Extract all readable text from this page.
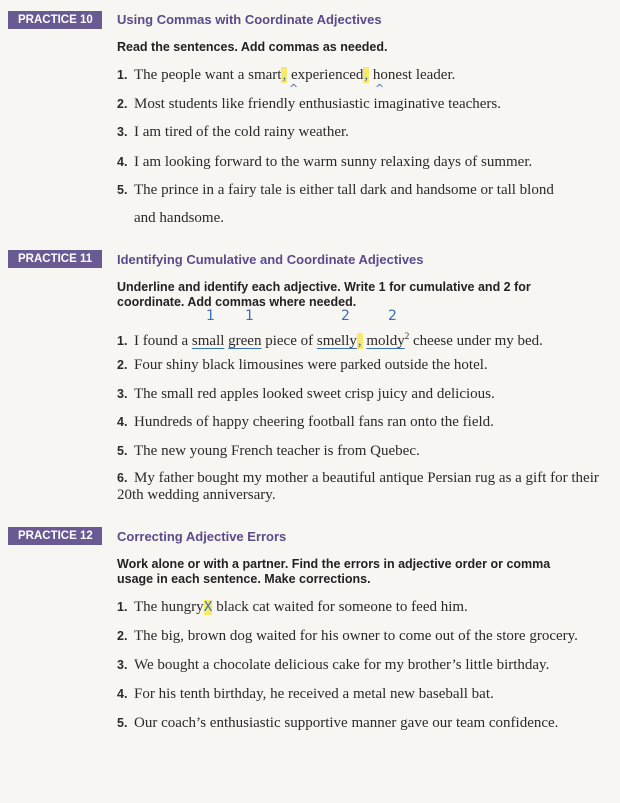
PRACTICE 10	Using Commas with Coordinate Adjectives
Read the sentences. Add commas as needed.
1. The people want a smart, experienced, honest leader.
^	^
2. Most students like friendly enthusiastic imaginative teachers.
3. I am tired of the cold rainy weather.
4. I am looking forward to the warm sunny relaxing days of summer.
5. The prince in a fairy tale is either tall dark and handsome or tall blond
and handsome.
PRACTICE 11	Identifying Cumulative and Coordinate Adjectives
Underline and identify each adjective. Write 1 for cumulative and 2 for coordinate. Add commas where needed.
1 1	2	2
1. I found a small green piece of smelly, moldy$^2$ cheese under my bed.
2. Four shiny black limousines were parked outside the hotel.
3. The small red apples looked sweet crisp juicy and delicious.
4. Hundreds of happy cheering football fans ran onto the field.
5. The new young French teacher is from Quebec.
6. My father bought my mother a beautiful antique Persian rug as a gift for their 20th wedding anniversary.
PRACTICE 12	Correcting Adjective Errors
Work alone or with a partner. Find the errors in adjective order or comma usage in each sentence. Make corrections.
1. The hungryX black cat waited for someone to feed him.
2. The big, brown dog waited for his owner to come out of the store grocery.
3. We bought a chocolate delicious cake for my brother’s little birthday.
4. For his tenth birthday, he received a metal new baseball bat.
5. Our coach’s enthusiastic supportive manner gave our team confidence.
